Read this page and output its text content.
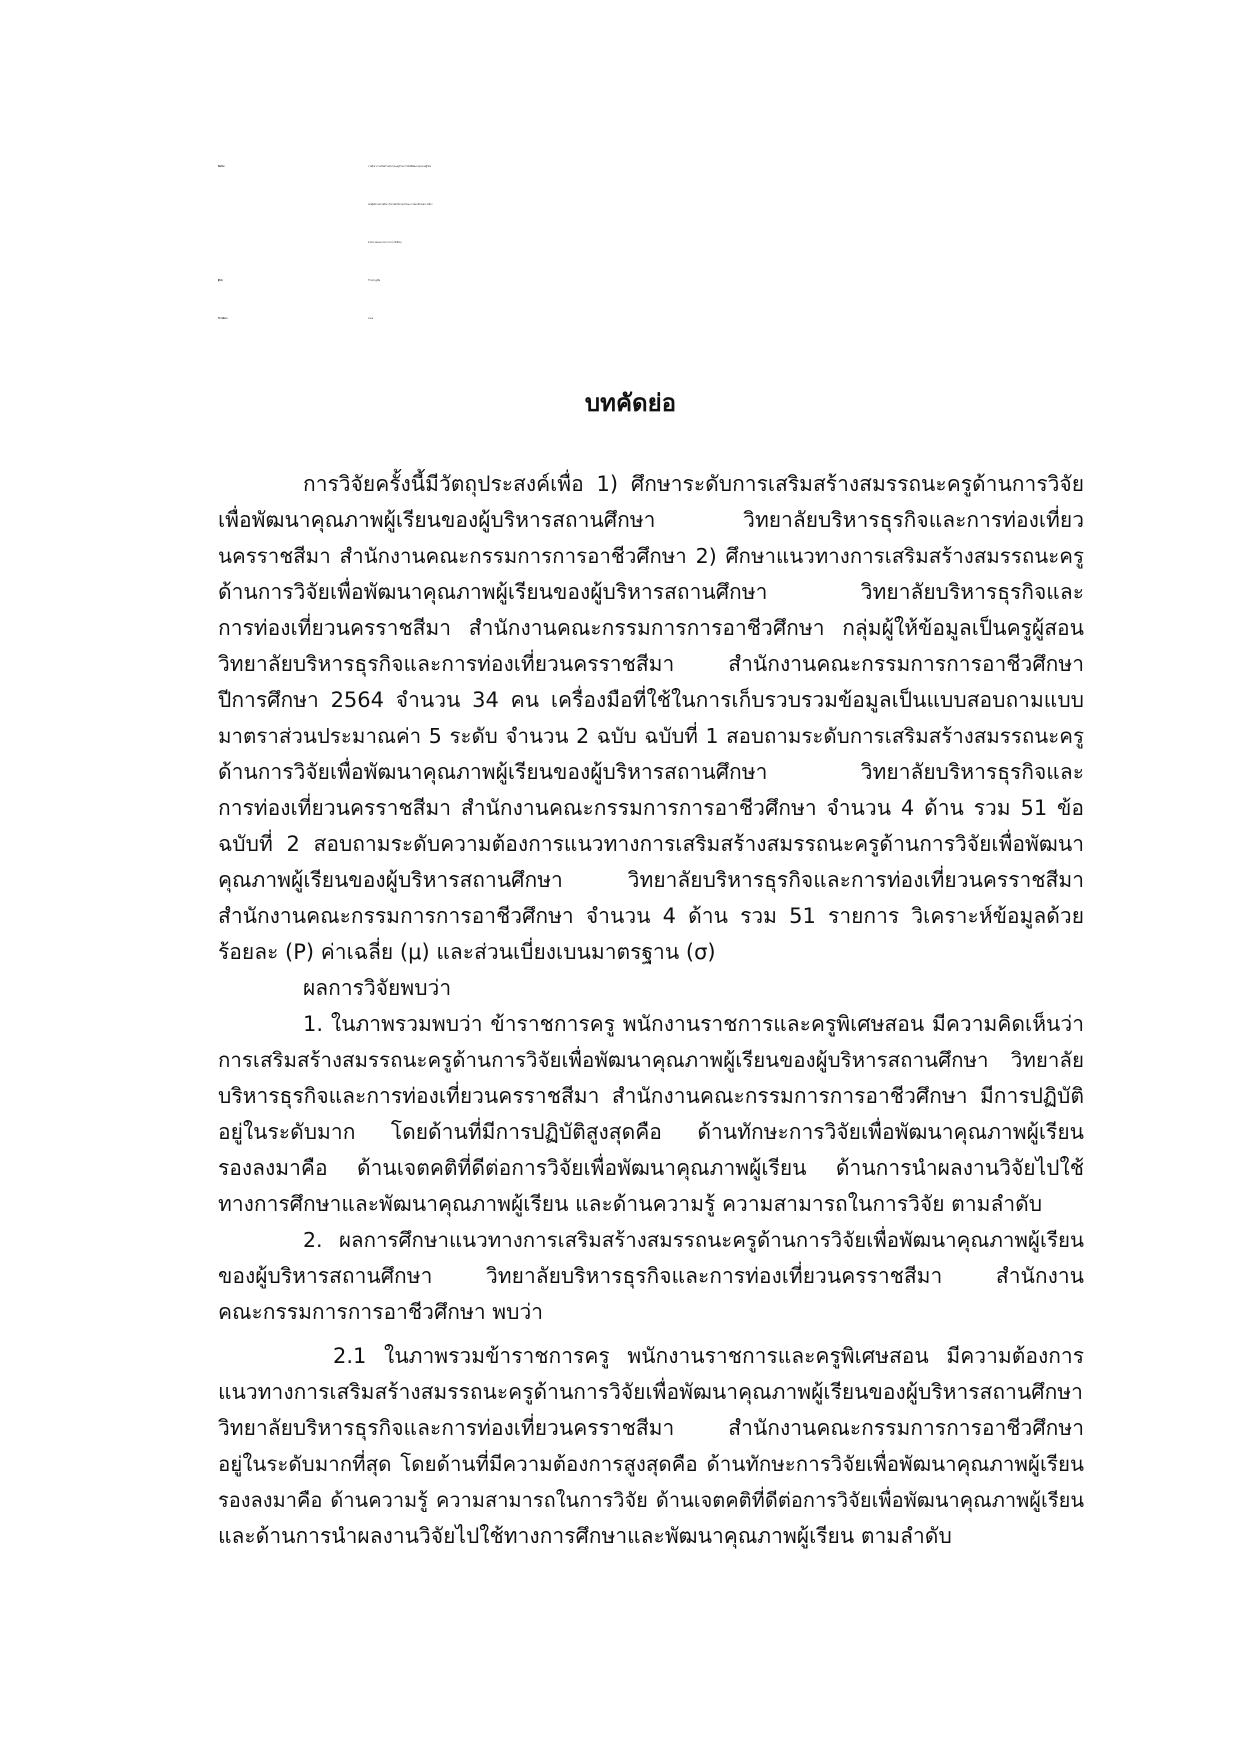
ชื่อเรื่อง	การศึกษาการเสริมสร้างสมรรถนะครูด้านการวิจัยเพื่อพัฒนาคุณภาพผู้เรียน
ของผู้บริหารสถานศึกษา วิทยาลัยบริหารธุรกิจและการท่องเที่ยวนครราชสีมา
สำนักงานคณะกรรมการการอาชีวศึกษา
ผู้วิจัย	วิโรจน์ บุญชื่น
ปีการศึกษา	2564
บทคัดย่อ
การวิจัยครั้งนี้มีวัตถุประสงค์เพื่อ 1) ศึกษาระดับการเสริมสร้างสมรรถนะครูด้านการวิจัย
เพื่อพัฒนาคุณภาพผู้เรียนของผู้บริหารสถานศึกษา วิทยาลัยบริหารธุรกิจและการท่องเที่ยว
นครราชสีมา สำนักงานคณะกรรมการการอาชีวศึกษา 2) ศึกษาแนวทางการเสริมสร้างสมรรถนะครู
ด้านการวิจัยเพื่อพัฒนาคุณภาพผู้เรียนของผู้บริหารสถานศึกษา วิทยาลัยบริหารธุรกิจและ
การท่องเที่ยวนครราชสีมา สำนักงานคณะกรรมการการอาชีวศึกษา กลุ่มผู้ให้ข้อมูลเป็นครูผู้สอน
วิทยาลัยบริหารธุรกิจและการท่องเที่ยวนครราชสีมา สำนักงานคณะกรรมการการอาชีวศึกษา
ปีการศึกษา 2564 จำนวน 34 คน เครื่องมือที่ใช้ในการเก็บรวบรวมข้อมูลเป็นแบบสอบถามแบบ
มาตราส่วนประมาณค่า 5 ระดับ จำนวน 2 ฉบับ ฉบับที่ 1 สอบถามระดับการเสริมสร้างสมรรถนะครู
ด้านการวิจัยเพื่อพัฒนาคุณภาพผู้เรียนของผู้บริหารสถานศึกษา วิทยาลัยบริหารธุรกิจและ
การท่องเที่ยวนครราชสีมา สำนักงานคณะกรรมการการอาชีวศึกษา จำนวน 4 ด้าน รวม 51 ข้อ
ฉบับที่ 2 สอบถามระดับความต้องการแนวทางการเสริมสร้างสมรรถนะครูด้านการวิจัยเพื่อพัฒนา
คุณภาพผู้เรียนของผู้บริหารสถานศึกษา วิทยาลัยบริหารธุรกิจและการท่องเที่ยวนครราชสีมา
สำนักงานคณะกรรมการการอาชีวศึกษา จำนวน 4 ด้าน รวม 51 รายการ วิเคราะห์ข้อมูลด้วย
ร้อยละ (P) ค่าเฉลี่ย (μ) และส่วนเบี่ยงเบนมาตรฐาน (σ)
ผลการวิจัยพบว่า
1. ในภาพรวมพบว่า ข้าราชการครู พนักงานราชการและครูพิเศษสอน มีความคิดเห็นว่า
การเสริมสร้างสมรรถนะครูด้านการวิจัยเพื่อพัฒนาคุณภาพผู้เรียนของผู้บริหารสถานศึกษา วิทยาลัย
บริหารธุรกิจและการท่องเที่ยวนครราชสีมา สำนักงานคณะกรรมการการอาชีวศึกษา มีการปฏิบัติ
อยู่ในระดับมาก โดยด้านที่มีการปฏิบัติสูงสุดคือ ด้านทักษะการวิจัยเพื่อพัฒนาคุณภาพผู้เรียน
รองลงมาคือ ด้านเจตคติที่ดีต่อการวิจัยเพื่อพัฒนาคุณภาพผู้เรียน ด้านการนำผลงานวิจัยไปใช้
ทางการศึกษาและพัฒนาคุณภาพผู้เรียน และด้านความรู้ ความสามารถในการวิจัย ตามลำดับ
2. ผลการศึกษาแนวทางการเสริมสร้างสมรรถนะครูด้านการวิจัยเพื่อพัฒนาคุณภาพผู้เรียน
ของผู้บริหารสถานศึกษา วิทยาลัยบริหารธุรกิจและการท่องเที่ยวนครราชสีมา สำนักงาน
คณะกรรมการการอาชีวศึกษา พบว่า
2.1 ในภาพรวมข้าราชการครู พนักงานราชการและครูพิเศษสอน มีความต้องการ
แนวทางการเสริมสร้างสมรรถนะครูด้านการวิจัยเพื่อพัฒนาคุณภาพผู้เรียนของผู้บริหารสถานศึกษา
วิทยาลัยบริหารธุรกิจและการท่องเที่ยวนครราชสีมา สำนักงานคณะกรรมการการอาชีวศึกษา
อยู่ในระดับมากที่สุด โดยด้านที่มีความต้องการสูงสุดคือ ด้านทักษะการวิจัยเพื่อพัฒนาคุณภาพผู้เรียน
รองลงมาคือ ด้านความรู้ ความสามารถในการวิจัย ด้านเจตคติที่ดีต่อการวิจัยเพื่อพัฒนาคุณภาพผู้เรียน
และด้านการนำผลงานวิจัยไปใช้ทางการศึกษาและพัฒนาคุณภาพผู้เรียน ตามลำดับ
